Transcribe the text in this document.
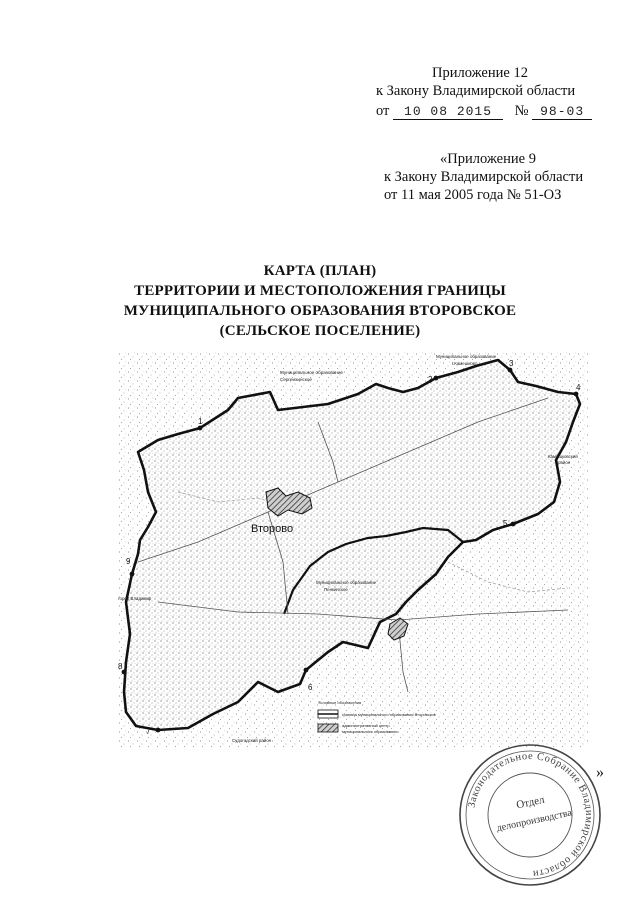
Приложение 12
к Закону Владимирской области
от 10 08 2015 № 98-03
«Приложение 9
к Закону Владимирской области
от 11 мая 2005 года № 51-ОЗ
КАРТА (ПЛАН)
ТЕРРИТОРИИ И МЕСТОПОЛОЖЕНИЯ ГРАНИЦЫ
МУНИЦИПАЛЬНОГО ОБРАЗОВАНИЯ ВТОРОВСКОЕ
(СЕЛЬСКОЕ ПОСЕЛЕНИЕ)
Второво
Муниципальное образование
Сергеихинское
Муниципальное образование
г.Камешково
Камешковский
район
Муниципальное образование
Пенкинское
город Владимир
Судогодский район
1
2
3
4
5
6
7
8
9
Условные обозначения
граница муниципального образования Второвское
административный центр
муниципального образования
»
Законодательное Собрание Владимирской области
Отдел
делопроизводства
